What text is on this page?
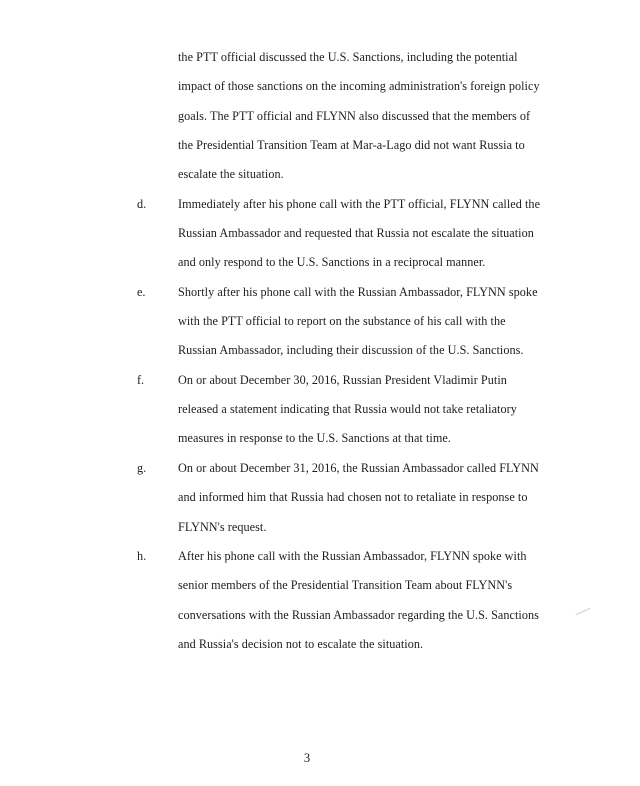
the PTT official discussed the U.S. Sanctions, including the potential
impact of those sanctions on the incoming administration's foreign policy
goals. The PTT official and FLYNN also discussed that the members of
the Presidential Transition Team at Mar-a-Lago did not want Russia to
escalate the situation.
d.	Immediately after his phone call with the PTT official, FLYNN called the
Russian Ambassador and requested that Russia not escalate the situation
and only respond to the U.S. Sanctions in a reciprocal manner.
e.	Shortly after his phone call with the Russian Ambassador, FLYNN spoke
with the PTT official to report on the substance of his call with the
Russian Ambassador, including their discussion of the U.S. Sanctions.
f.	On or about December 30, 2016, Russian President Vladimir Putin
released a statement indicating that Russia would not take retaliatory
measures in response to the U.S. Sanctions at that time.
g.	On or about December 31, 2016, the Russian Ambassador called FLYNN
and informed him that Russia had chosen not to retaliate in response to
FLYNN's request.
h.	After his phone call with the Russian Ambassador, FLYNN spoke with
senior members of the Presidential Transition Team about FLYNN's
conversations with the Russian Ambassador regarding the U.S. Sanctions
and Russia's decision not to escalate the situation.
3
